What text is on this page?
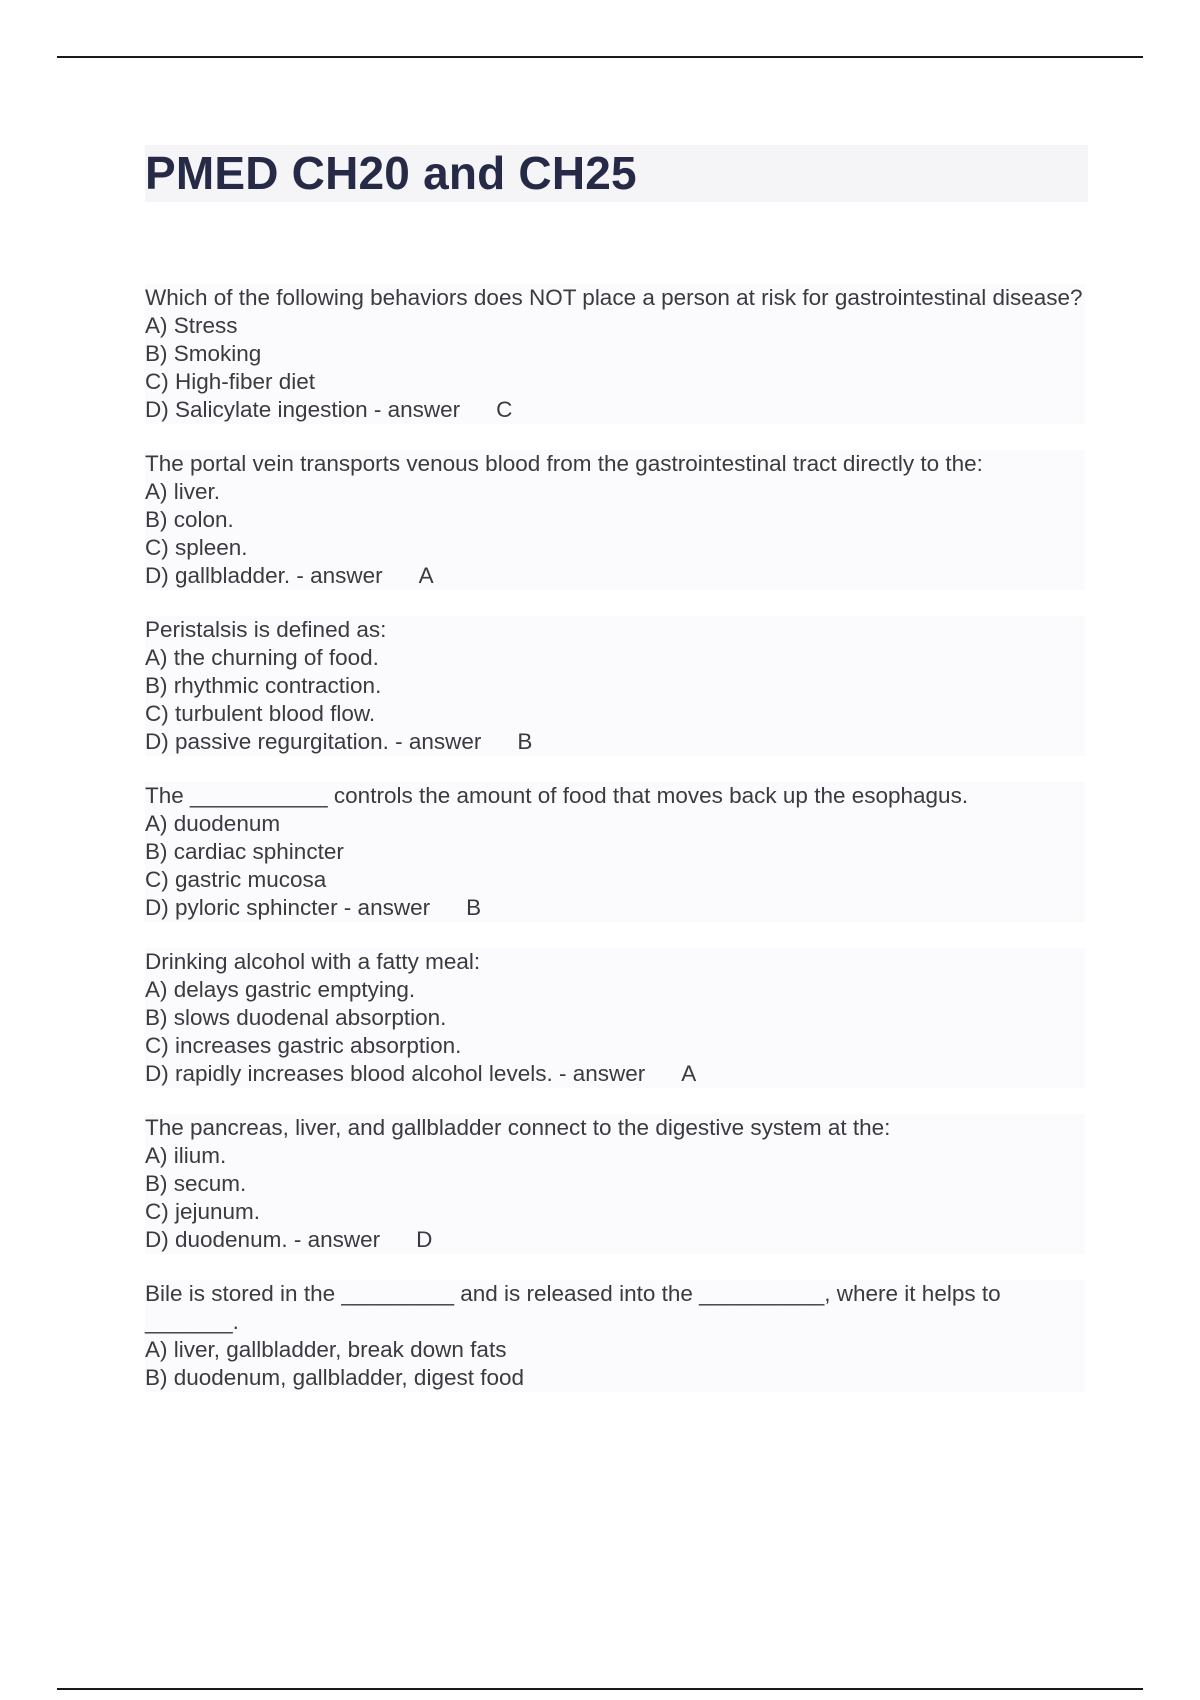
PMED CH20 and CH25
Which of the following behaviors does NOT place a person at risk for gastrointestinal disease?
A) Stress
B) Smoking
C) High-fiber diet
D) Salicylate ingestion - answer C
The portal vein transports venous blood from the gastrointestinal tract directly to the:
A) liver.
B) colon.
C) spleen.
D) gallbladder. - answer A
Peristalsis is defined as:
A) the churning of food.
B) rhythmic contraction.
C) turbulent blood flow.
D) passive regurgitation. - answer B
The ___________ controls the amount of food that moves back up the esophagus.
A) duodenum
B) cardiac sphincter
C) gastric mucosa
D) pyloric sphincter - answer B
Drinking alcohol with a fatty meal:
A) delays gastric emptying.
B) slows duodenal absorption.
C) increases gastric absorption.
D) rapidly increases blood alcohol levels. - answer A
The pancreas, liver, and gallbladder connect to the digestive system at the:
A) ilium.
B) secum.
C) jejunum.
D) duodenum. - answer D
Bile is stored in the _________ and is released into the __________, where it helps to _______.
A) liver, gallbladder, break down fats
B) duodenum, gallbladder, digest food
